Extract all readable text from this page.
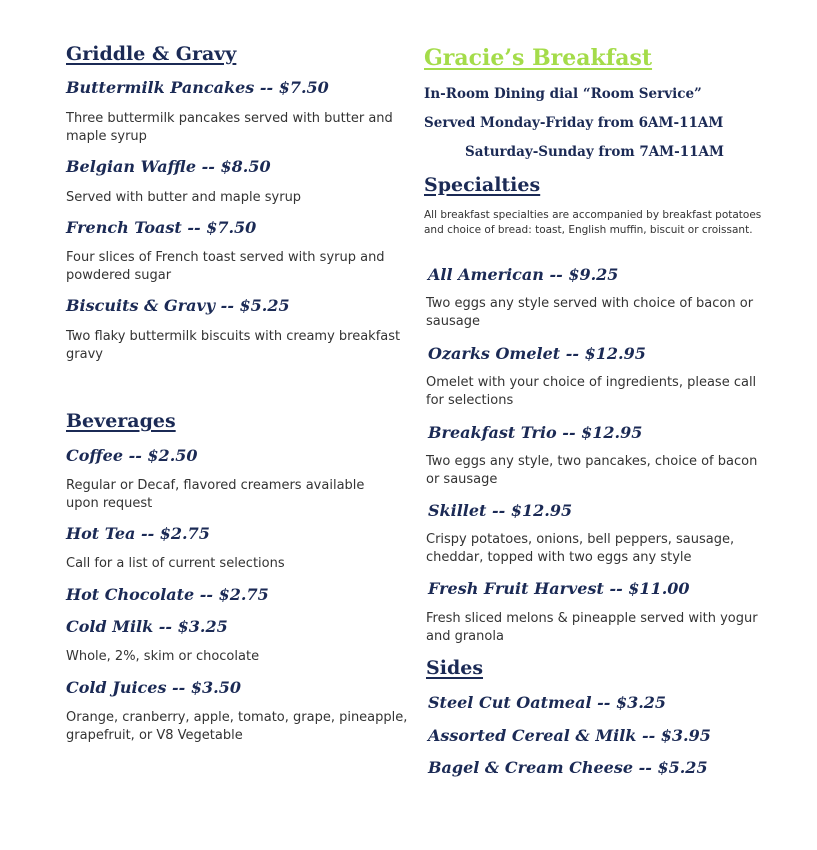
Griddle & Gravy
Buttermilk Pancakes -- $7.50

Three buttermilk pancakes served with butter and maple syrup

Belgian Waffle -- $8.50

Served with butter and maple syrup

French Toast -- $7.50

Four slices of French toast served with syrup and powdered sugar

Biscuits & Gravy -- $5.25

Two flaky buttermilk biscuits with creamy breakfast gravy

Beverages
Coffee -- $2.50

Regular or Decaf, flavored creamers available upon request

Hot Tea -- $2.75

Call for a list of current selections

Hot Chocolate -- $2.75
Cold Milk -- $3.25

Whole, 2%, skim or chocolate

Cold Juices -- $3.50

Orange, cranberry, apple, tomato, grape, pineapple, grapefruit, or V8 Vegetable

Gracie’s Breakfast
In-Room Dining dial “Room Service”
Served Monday-Friday from 6AM-11AM
Saturday-Sunday from 7AM-11AM
Specialties

All breakfast specialties are accompanied by breakfast potatoes and choice of bread: toast, English muffin, biscuit or croissant.

All American -- $9.25

Two eggs any style served with choice of bacon or sausage

Ozarks Omelet -- $12.95

Omelet with your choice of ingredients, please call for selections

Breakfast Trio -- $12.95

Two eggs any style, two pancakes, choice of bacon or sausage

Skillet -- $12.95

Crispy potatoes, onions, bell peppers, sausage, cheddar, topped with two eggs any style

Fresh Fruit Harvest -- $11.00

Fresh sliced melons & pineapple served with yogur and granola

Sides
Steel Cut Oatmeal -- $3.25
Assorted Cereal & Milk -- $3.95
Bagel & Cream Cheese -- $5.25
